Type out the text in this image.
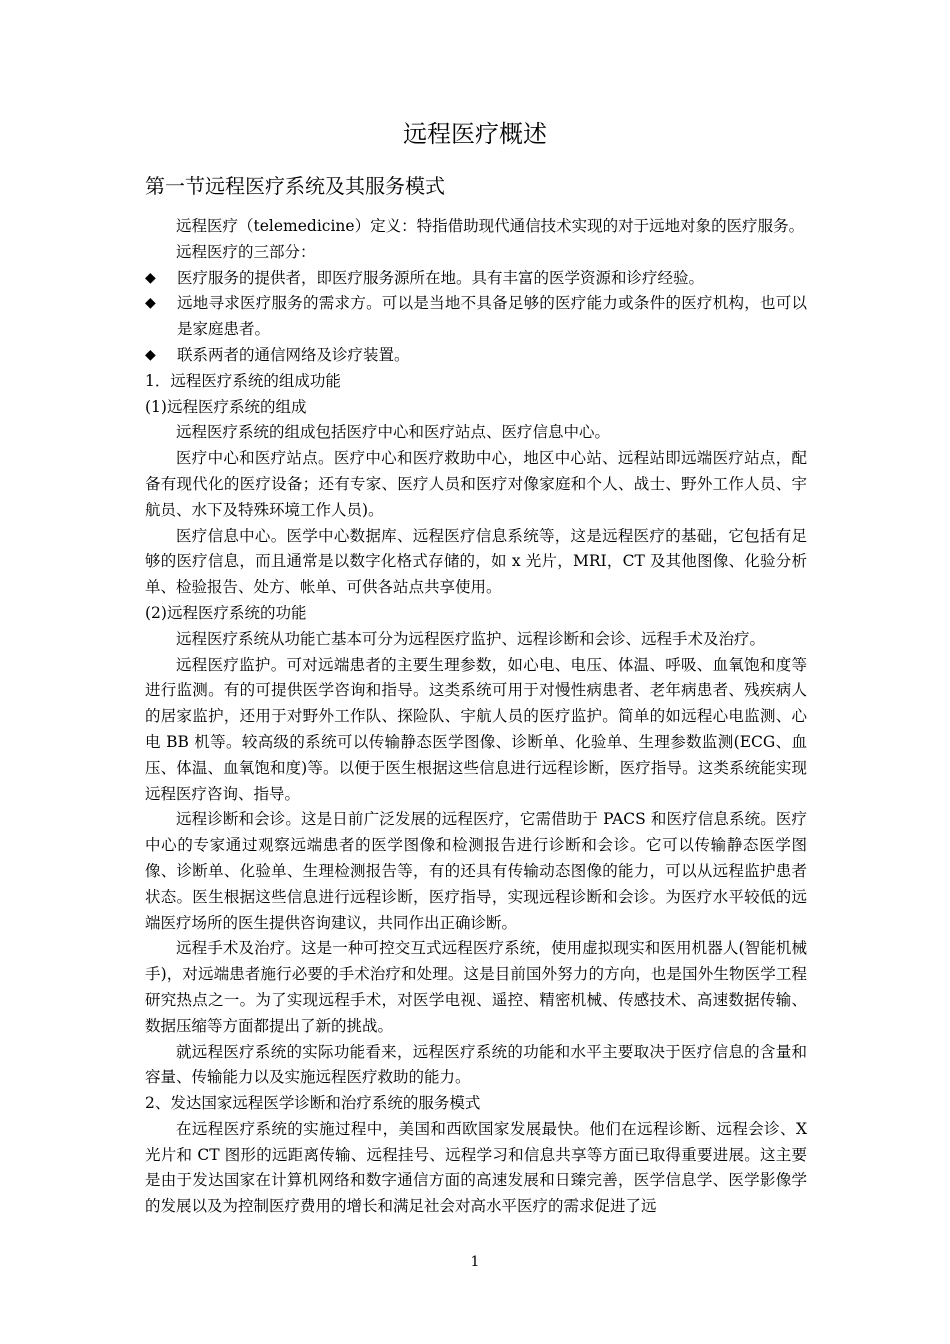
远程医疗概述
第一节远程医疗系统及其服务模式

远程医疗（telemedicine）定义：特指借助现代通信技术实现的对于远地对象的医疗服务。

远程医疗的三部分：

◆	医疗服务的提供者，即医疗服务源所在地。具有丰富的医学资源和诊疗经验。
◆	远地寻求医疗服务的需求方。可以是当地不具备足够的医疗能力或条件的医疗机构，也可以是家庭患者。
◆	联系两者的通信网络及诊疗装置。

1．远程医疗系统的组成功能

(1)远程医疗系统的组成

远程医疗系统的组成包括医疗中心和医疗站点、医疗信息中心。

医疗中心和医疗站点。医疗中心和医疗救助中心，地区中心站、远程站即远端医疗站点，配备有现代化的医疗设备；还有专家、医疗人员和医疗对像家庭和个人、战士、野外工作人员、宇航员、水下及特殊环境工作人员)。

医疗信息中心。医学中心数据库、远程医疗信息系统等，这是远程医疗的基础，它包括有足够的医疗信息，而且通常是以数字化格式存储的，如 x 光片，MRI，CT 及其他图像、化验分析单、检验报告、处方、帐单、可供各站点共享使用。

(2)远程医疗系统的功能

远程医疗系统从功能亡基本可分为远程医疗监护、远程诊断和会诊、远程手术及治疗。

远程医疗监护。可对远端患者的主要生理参数，如心电、电压、体温、呼吸、血氧饱和度等进行监测。有的可提供医学咨询和指导。这类系统可用于对慢性病患者、老年病患者、残疾病人的居家监护，还用于对野外工作队、探险队、宇航人员的医疗监护。简单的如远程心电监测、心电 BB 机等。较高级的系统可以传输静态医学图像、诊断单、化验单、生理参数监测(ECG、血压、体温、血氧饱和度)等。以便于医生根据这些信息进行远程诊断，医疗指导。这类系统能实现远程医疗咨询、指导。

远程诊断和会诊。这是日前广泛发展的远程医疗，它需借助于 PACS 和医疗信息系统。医疗中心的专家通过观察远端患者的医学图像和检测报告进行诊断和会诊。它可以传输静态医学图像、诊断单、化验单、生理检测报告等，有的还具有传输动态图像的能力，可以从远程监护患者状态。医生根据这些信息进行远程诊断，医疗指导，实现远程诊断和会诊。为医疗水平较低的远端医疗场所的医生提供咨询建议，共同作出正确诊断。

远程手术及治疗。这是一种可控交互式远程医疗系统，使用虚拟现实和医用机器人(智能机械手)，对远端患者施行必要的手术治疗和处理。这是目前国外努力的方向，也是国外生物医学工程研究热点之一。为了实现远程手术，对医学电视、遥控、精密机械、传感技术、高速数据传输、数据压缩等方面都提出了新的挑战。

就远程医疗系统的实际功能看来，远程医疗系统的功能和水平主要取决于医疗信息的含量和容量、传输能力以及实施远程医疗救助的能力。

2、发达国家远程医学诊断和治疗系统的服务模式

在远程医疗系统的实施过程中，美国和西欧国家发展最快。他们在远程诊断、远程会诊、X 光片和 CT 图形的远距离传输、远程挂号、远程学习和信息共享等方面已取得重要进展。这主要是由于发达国家在计算机网络和数字通信方面的高速发展和日臻完善，医学信息学、医学影像学的发展以及为控制医疗费用的增长和满足社会对高水平医疗的需求促进了远

1
